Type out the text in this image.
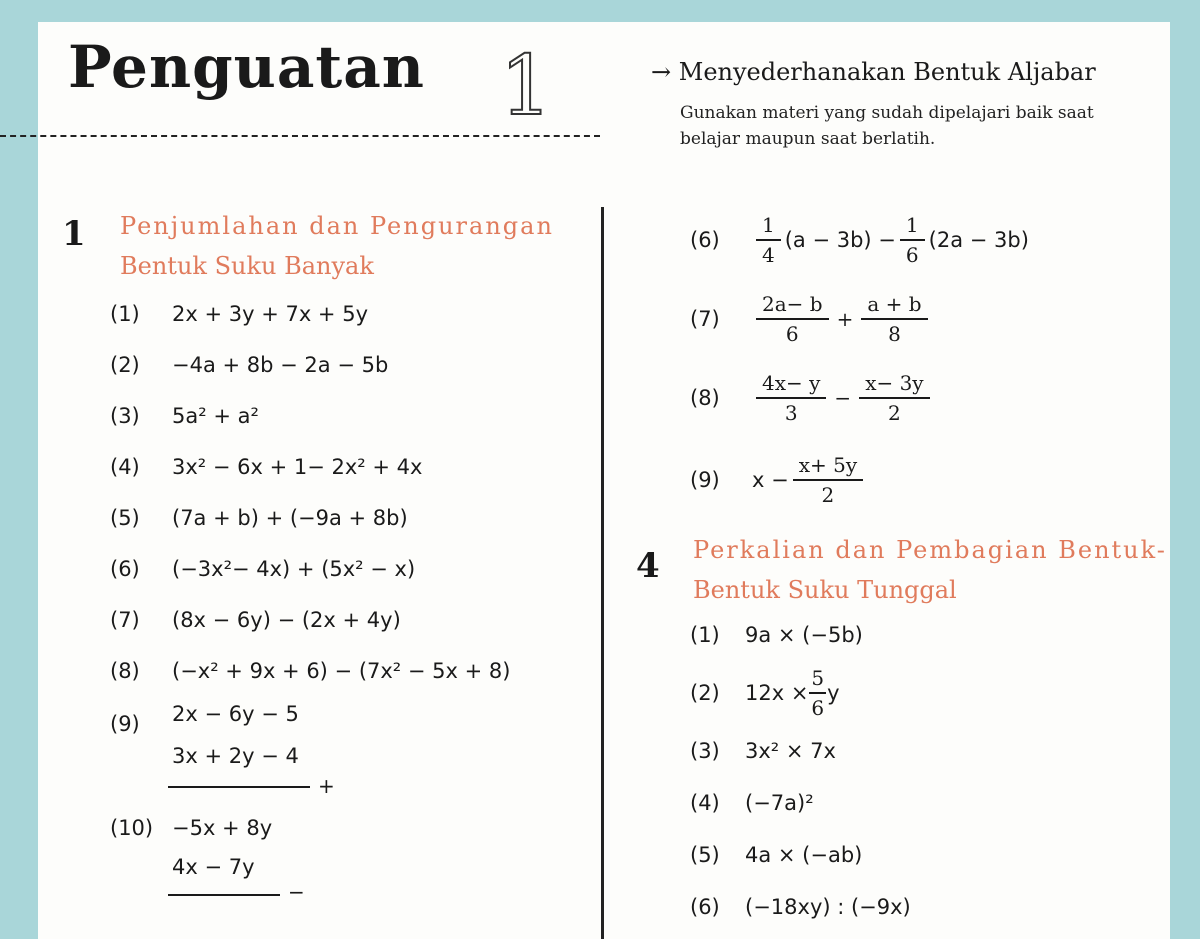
Penguatan 1	→ Menyederhanakan Bentuk Aljabar
Gunakan materi yang sudah dipelajari baik saat belajar maupun saat berlatih.
1 Penjumlahan dan Pengurangan
Bentuk Suku Banyak
(1)	2x + 3y + 7x + 5y
(2)	−4a + 8b − 2a − 5b
(3)	5a² + a²
(4)	3x² − 6x + 1− 2x² + 4x
(5)	(7a + b) + (−9a + 8b)
(6)	(−3x²− 4x) + (5x² − x)
(7)	(8x − 6y) − (2x + 4y)
(8)	(−x² + 9x + 6) − (7x² − 5x + 8)
(9) 2x − 6y − 5
3x + 2y − 4
+
(10) −5x + 8y
4x − 7y
−
(6)	$\frac{1}{4} (a - 3b) - \frac{1}{6} (2a - 3b)$
(7)	$\frac{2a- b}{6} + \frac{a + b}{8}$
(8)	$\frac{4x- y}{3} - \frac{x- 3y}{2}$
(9)	$x - \frac{x+ 5y}{2}$
4 Perkalian dan Pembagian Bentuk-
Bentuk Suku Tunggal
(1)	9a × (−5b)
(2)	$12x \times \frac{5}{6}$ y
(3)	3x² × 7x
(4)	(−7a)²
(5)	4a × (−ab)
(6)	(−18xy) : (−9x)
